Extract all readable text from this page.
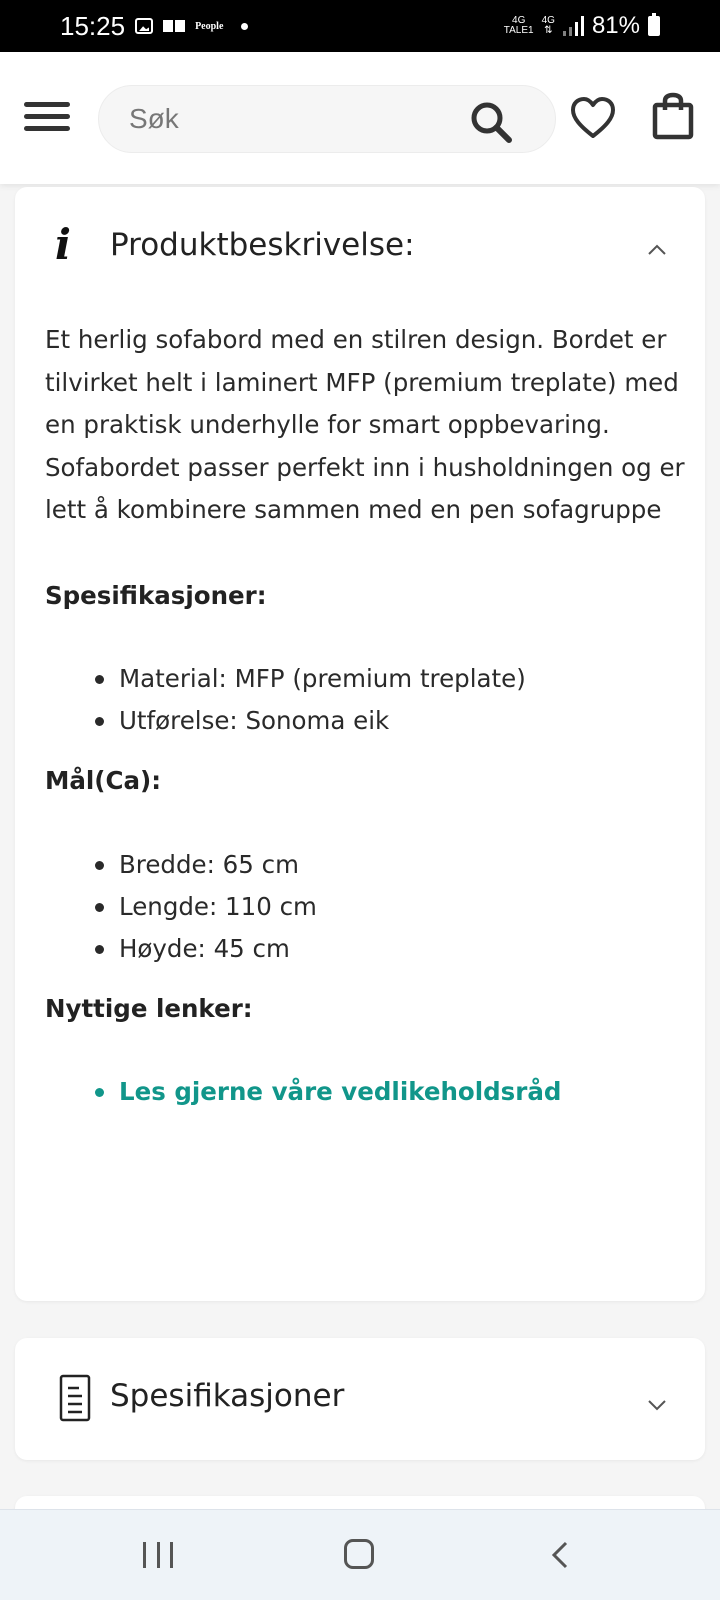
15:25	People	4G
TALE1
4G
⇅ 81%
Søk
i	Produktbeskrivelse:

Et herlig sofabord med en stilren design. Bordet er tilvirket helt i laminert MFP (premium treplate) med en praktisk underhylle for smart oppbevaring. Sofabordet passer perfekt inn i husholdningen og er lett å kombinere sammen med en pen sofagruppe

Spesifikasjoner:
Material: MFP (premium treplate)
Utførelse: Sonoma eik
Mål(Ca):
Bredde: 65 cm
Lengde: 110 cm
Høyde: 45 cm
Nyttige lenker:
Les gjerne våre vedlikeholdsråd
Spesifikasjoner
